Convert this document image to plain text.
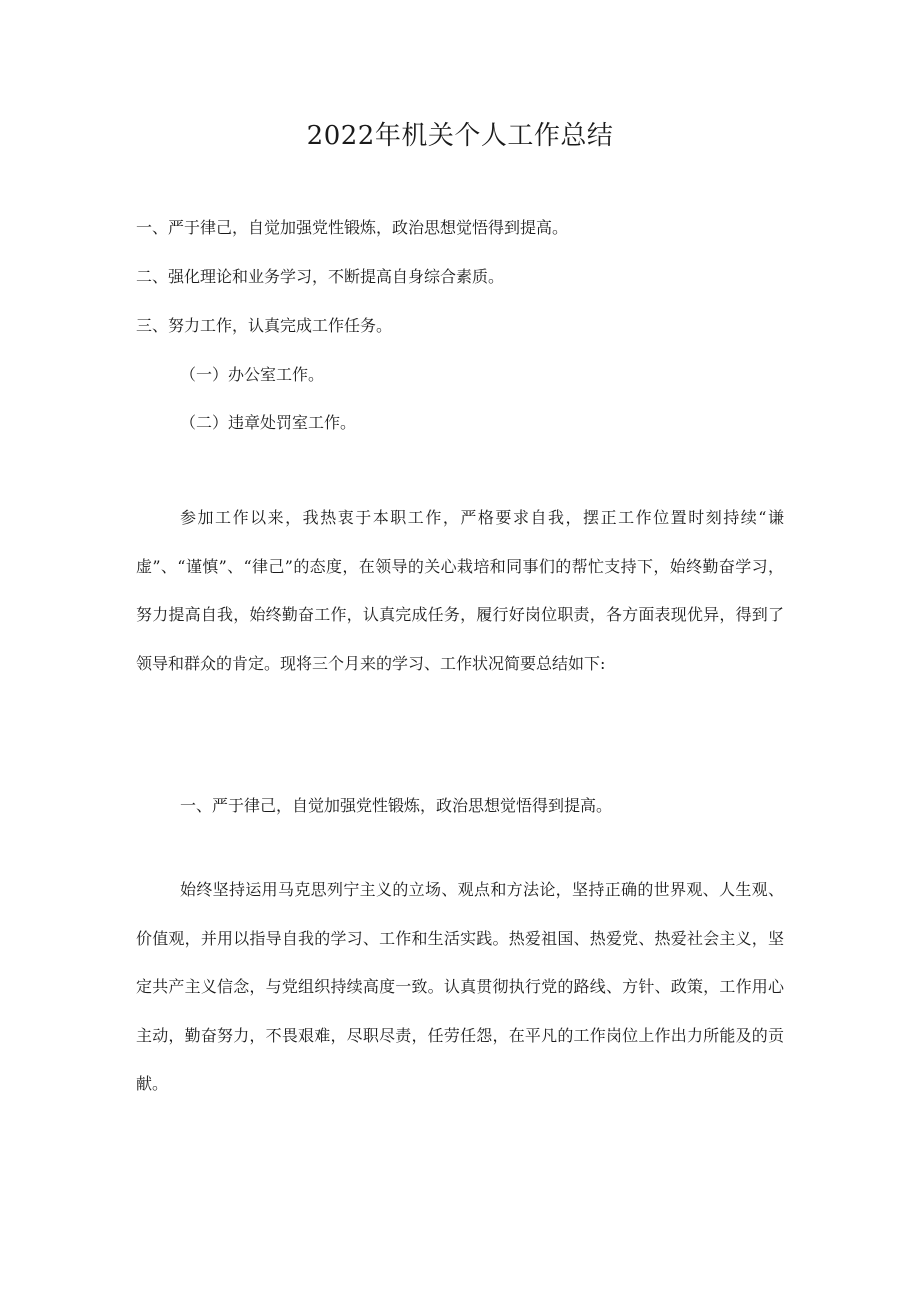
2022年机关个人工作总结
一、严于律己，自觉加强党性锻炼，政治思想觉悟得到提高。
二、强化理论和业务学习，不断提高自身综合素质。
三、努力工作，认真完成工作任务。
（一）办公室工作。
（二）违章处罚室工作。

参加工作以来，我热衷于本职工作，严格要求自我，摆正工作位置时刻持续“谦虚”、“谨慎”、“律己”的态度，在领导的关心栽培和同事们的帮忙支持下，始终勤奋学习，努力提高自我，始终勤奋工作，认真完成任务，履行好岗位职责，各方面表现优异，得到了领导和群众的肯定。现将三个月来的学习、工作状况简要总结如下:

一、严于律己，自觉加强党性锻炼，政治思想觉悟得到提高。

始终坚持运用马克思列宁主义的立场、观点和方法论，坚持正确的世界观、人生观、价值观，并用以指导自我的学习、工作和生活实践。热爱祖国、热爱党、热爱社会主义，坚定共产主义信念，与党组织持续高度一致。认真贯彻执行党的路线、方针、政策，工作用心主动，勤奋努力，不畏艰难，尽职尽责，任劳任怨，在平凡的工作岗位上作出力所能及的贡献。
